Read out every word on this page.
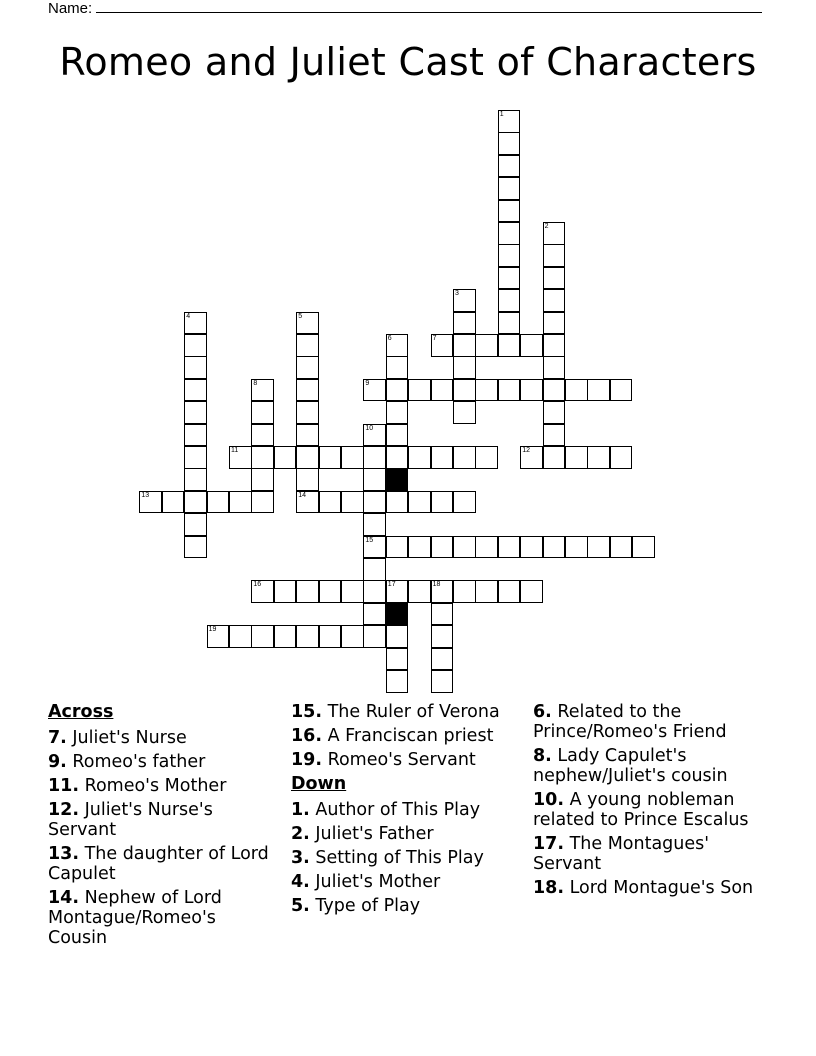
Name:
Romeo and Juliet Cast of Characters
1
2
3
4	5
14
6	7
8	9
10
15
11	12
13
16	17	18
19
Across
7. Juliet's Nurse
9. Romeo's father
11. Romeo's Mother
12. Juliet's Nurse's Servant
13. The daughter of Lord Capulet
14. Nephew of Lord Montague/Romeo's Cousin
15. The Ruler of Verona
16. A Franciscan priest
19. Romeo's Servant
Down
1. Author of This Play
2. Juliet's Father
3. Setting of This Play
4. Juliet's Mother
5. Type of Play
6. Related to the Prince/Romeo's Friend
8. Lady Capulet's nephew/Juliet's cousin
10. A young nobleman related to Prince Escalus
17. The Montagues' Servant
18. Lord Montague's Son
